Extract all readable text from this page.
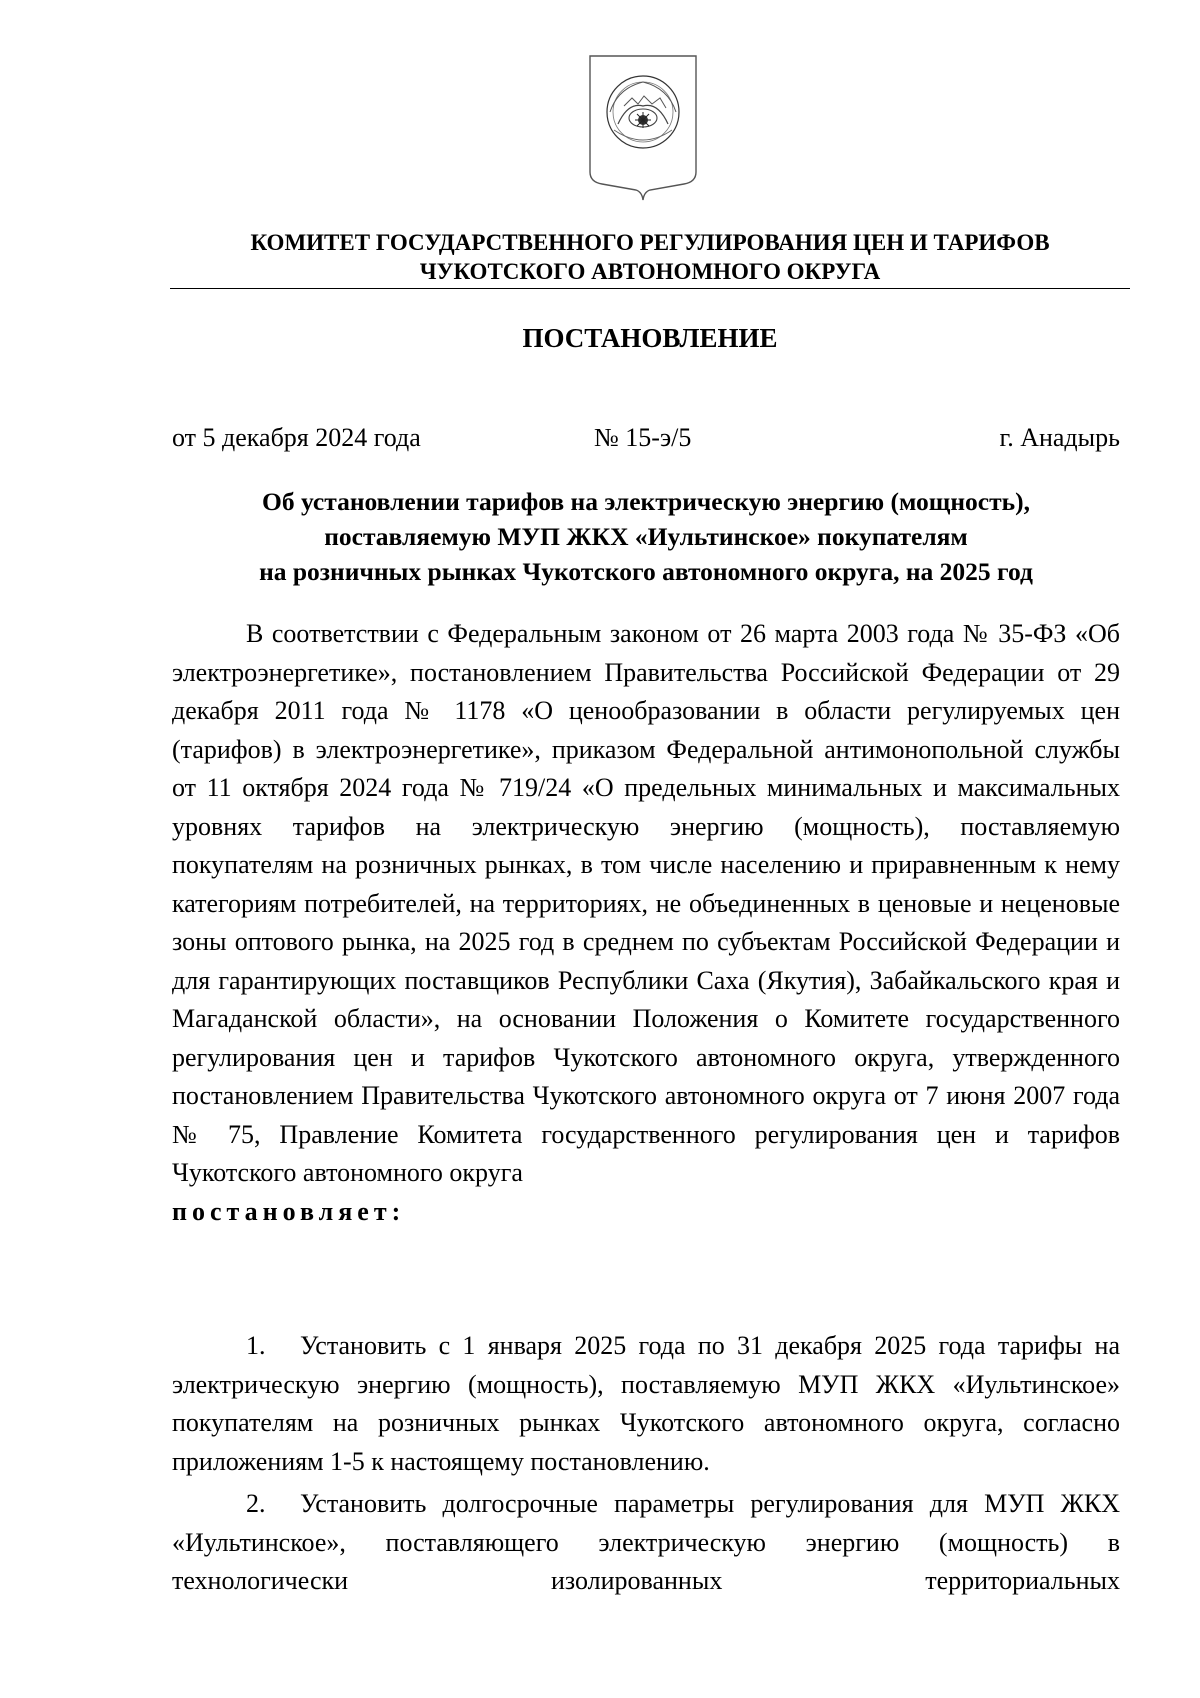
КОМИТЕТ ГОСУДАРСТВЕННОГО РЕГУЛИРОВАНИЯ ЦЕН И ТАРИФОВ
ЧУКОТСКОГО АВТОНОМНОГО ОКРУГА
ПОСТАНОВЛЕНИЕ
от 5 декабря 2024 года	№ 15-э/5	г. Анадырь
Об установлении тарифов на электрическую энергию (мощность),
поставляемую МУП ЖКХ «Иультинское» покупателям
на розничных рынках Чукотского автономного округа, на 2025 год

В соответствии с Федеральным законом от 26 марта 2003 года № 35-ФЗ «Об электроэнергетике», постановлением Правительства Российской Федерации от 29 декабря 2011 года № 1178 «О ценообразовании в области регулируемых цен (тарифов) в электроэнергетике», приказом Федеральной антимонопольной службы от 11 октября 2024 года № 719/24 «О предельных минимальных и максимальных уровнях тарифов на электрическую энергию (мощность), поставляемую покупателям на розничных рынках, в том числе населению и приравненным к нему категориям потребителей, на территориях, не объединенных в ценовые и неценовые зоны оптового рынка, на 2025 год в среднем по субъектам Российской Федерации и для гарантирующих поставщиков Республики Саха (Якутия), Забайкальского края и Магаданской области», на основании Положения о Комитете государственного регулирования цен и тарифов Чукотского автономного округа, утвержденного постановлением Правительства Чукотского автономного округа от 7 июня 2007 года № 75, Правление Комитета государственного регулирования цен и тарифов Чукотского автономного округа

постановляет:

1. Установить с 1 января 2025 года по 31 декабря 2025 года тарифы на электрическую энергию (мощность), поставляемую МУП ЖКХ «Иультинское» покупателям на розничных рынках Чукотского автономного округа, согласно приложениям 1-5 к настоящему постановлению.

2. Установить долгосрочные параметры регулирования для МУП ЖКХ «Иультинское», поставляющего электрическую энергию (мощность) в технологически изолированных территориальных
